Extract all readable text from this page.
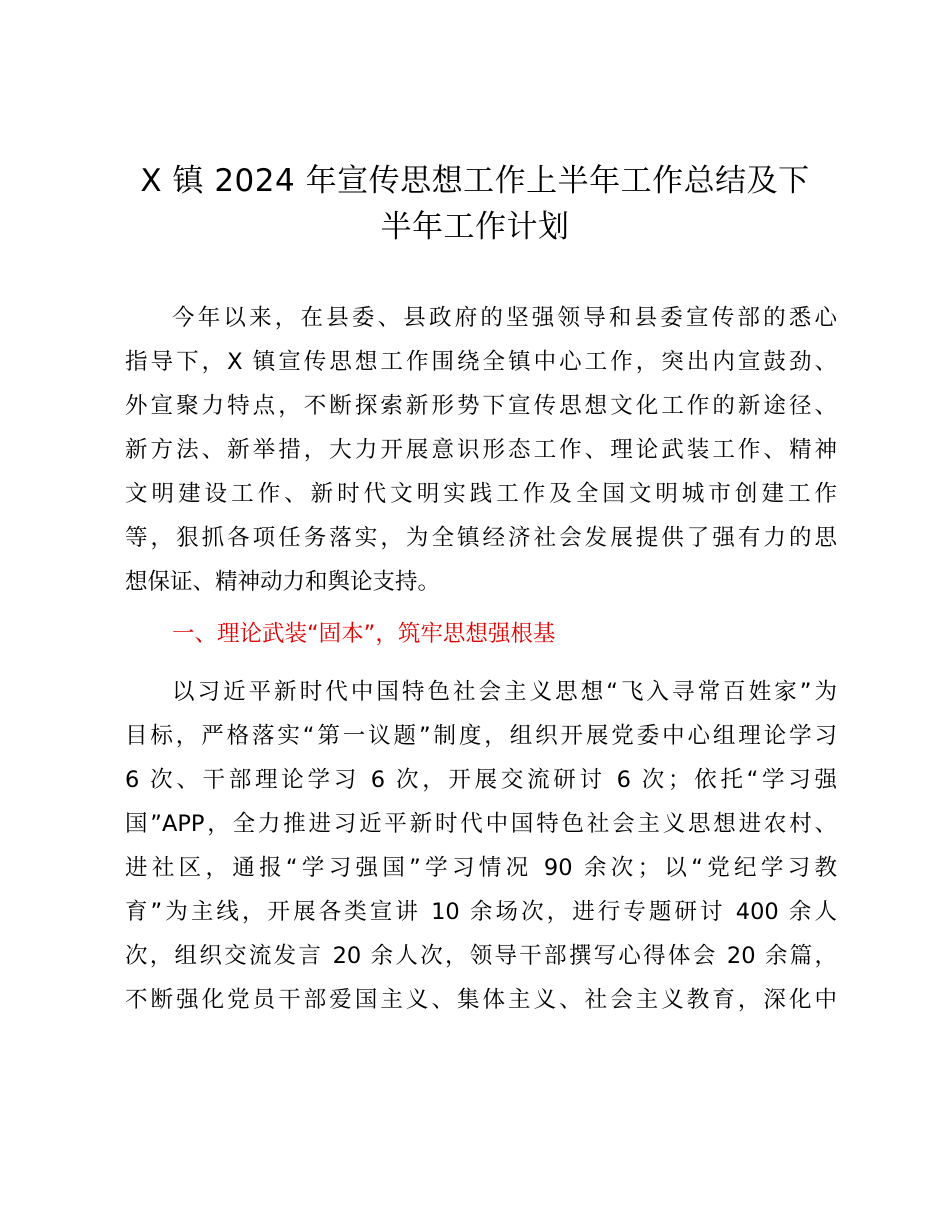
X 镇 2024 年宣传思想工作上半年工作总结及下
半年工作计划

今年以来，在县委、县政府的坚强领导和县委宣传部的悉心

指导下，X 镇宣传思想工作围绕全镇中心工作，突出内宣鼓劲、

外宣聚力特点，不断探索新形势下宣传思想文化工作的新途径、

新方法、新举措，大力开展意识形态工作、理论武装工作、精神

文明建设工作、新时代文明实践工作及全国文明城市创建工作

等，狠抓各项任务落实，为全镇经济社会发展提供了强有力的思

想保证、精神动力和舆论支持。

一、理论武装“固本”，筑牢思想强根基

以习近平新时代中国特色社会主义思想“飞入寻常百姓家”为

目标，严格落实“第一议题”制度，组织开展党委中心组理论学习

6 次、干部理论学习 6 次，开展交流研讨 6 次；依托“学习强

国”APP，全力推进习近平新时代中国特色社会主义思想进农村、

进社区，通报“学习强国”学习情况 90 余次；以“党纪学习教

育”为主线，开展各类宣讲 10 余场次，进行专题研讨 400 余人

次，组织交流发言 20 余人次，领导干部撰写心得体会 20 余篇，

不断强化党员干部爱国主义、集体主义、社会主义教育，深化中
